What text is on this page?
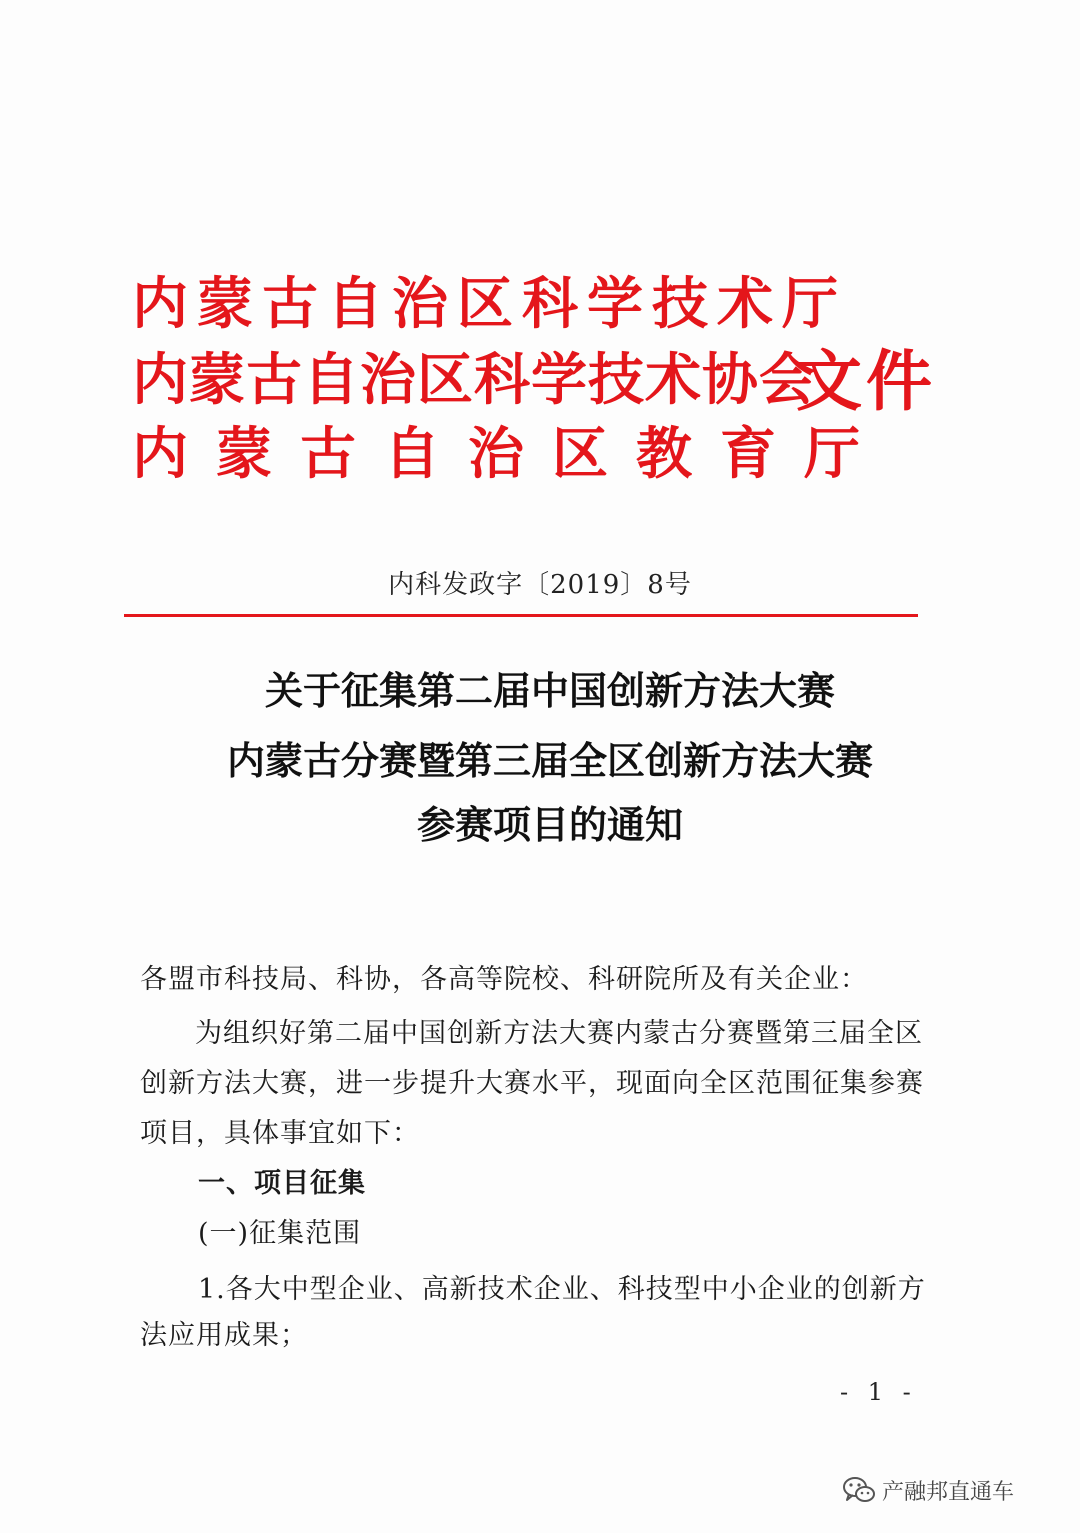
内蒙古自治区科学技术厅
内蒙古自治区科学技术协会
内蒙古自治区教育厅
文件
内科发政字〔2019〕8号
关于征集第二届中国创新方法大赛
内蒙古分赛暨第三届全区创新方法大赛
参赛项目的通知
各盟市科技局、科协，各高等院校、科研院所及有关企业：
为组织好第二届中国创新方法大赛内蒙古分赛暨第三届全区
创新方法大赛，进一步提升大赛水平，现面向全区范围征集参赛
项目，具体事宜如下：
一、项目征集
(一)征集范围
1.各大中型企业、高新技术企业、科技型中小企业的创新方
法应用成果；
- 1 -
产融邦直通车
